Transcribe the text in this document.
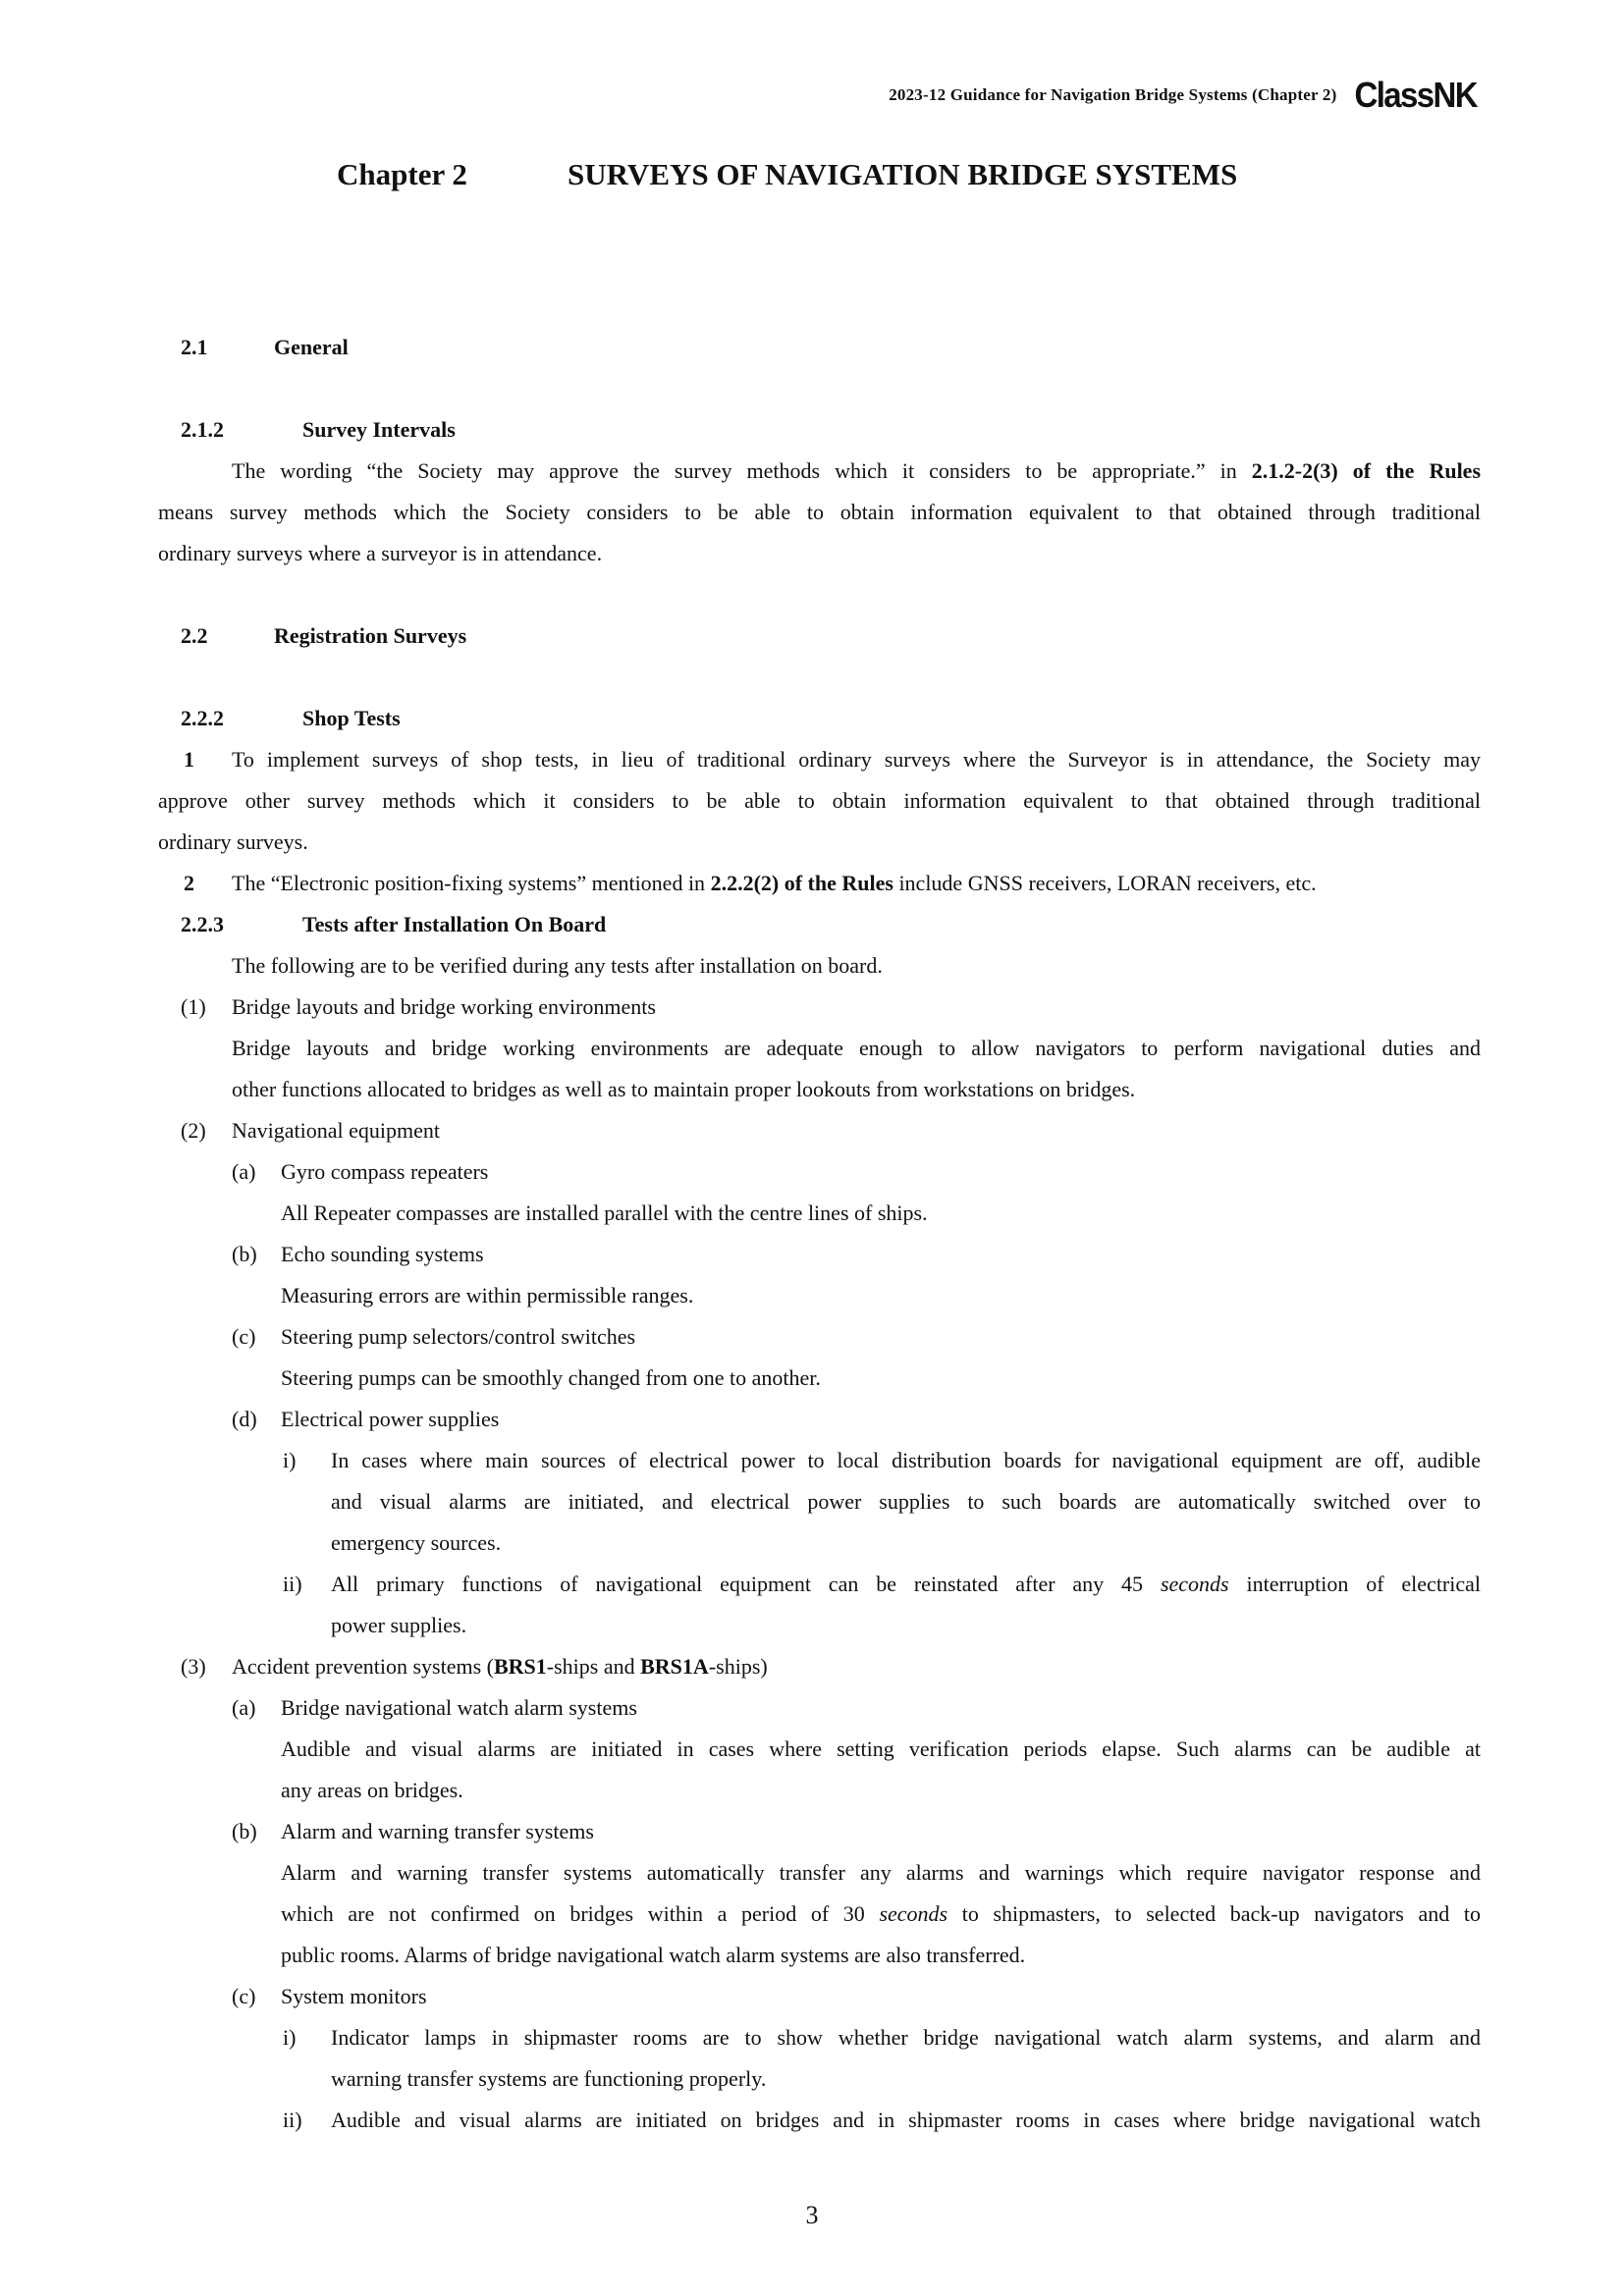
2023-12 Guidance for Navigation Bridge Systems (Chapter 2) ClassNK
Chapter 2	SURVEYS OF NAVIGATION BRIDGE SYSTEMS
2.1	General
2.1.2	Survey Intervals
The wording “the Society may approve the survey methods which it considers to be appropriate.” in 2.1.2-2(3) of the Rules
means survey methods which the Society considers to be able to obtain information equivalent to that obtained through traditional
ordinary surveys where a surveyor is in attendance.
2.2	Registration Surveys
2.2.2	Shop Tests
1 To implement surveys of shop tests, in lieu of traditional ordinary surveys where the Surveyor is in attendance, the Society may
approve other survey methods which it considers to be able to obtain information equivalent to that obtained through traditional
ordinary surveys.
2 The “Electronic position-fixing systems” mentioned in 2.2.2(2) of the Rules include GNSS receivers, LORAN receivers, etc.
2.2.3	Tests after Installation On Board
The following are to be verified during any tests after installation on board.
(1) Bridge layouts and bridge working environments
Bridge layouts and bridge working environments are adequate enough to allow navigators to perform navigational duties and
other functions allocated to bridges as well as to maintain proper lookouts from workstations on bridges.
(2) Navigational equipment
(a) Gyro compass repeaters
All Repeater compasses are installed parallel with the centre lines of ships.
(b) Echo sounding systems
Measuring errors are within permissible ranges.
(c) Steering pump selectors/control switches
Steering pumps can be smoothly changed from one to another.
(d) Electrical power supplies
i) In cases where main sources of electrical power to local distribution boards for navigational equipment are off, audible
and visual alarms are initiated, and electrical power supplies to such boards are automatically switched over to
emergency sources.
ii) All primary functions of navigational equipment can be reinstated after any 45 seconds interruption of electrical
power supplies.
(3) Accident prevention systems (BRS1-ships and BRS1A-ships)
(a) Bridge navigational watch alarm systems
Audible and visual alarms are initiated in cases where setting verification periods elapse. Such alarms can be audible at
any areas on bridges.
(b) Alarm and warning transfer systems
Alarm and warning transfer systems automatically transfer any alarms and warnings which require navigator response and
which are not confirmed on bridges within a period of 30 seconds to shipmasters, to selected back-up navigators and to
public rooms. Alarms of bridge navigational watch alarm systems are also transferred.
(c) System monitors
i) Indicator lamps in shipmaster rooms are to show whether bridge navigational watch alarm systems, and alarm and
warning transfer systems are functioning properly.
ii) Audible and visual alarms are initiated on bridges and in shipmaster rooms in cases where bridge navigational watch
3
